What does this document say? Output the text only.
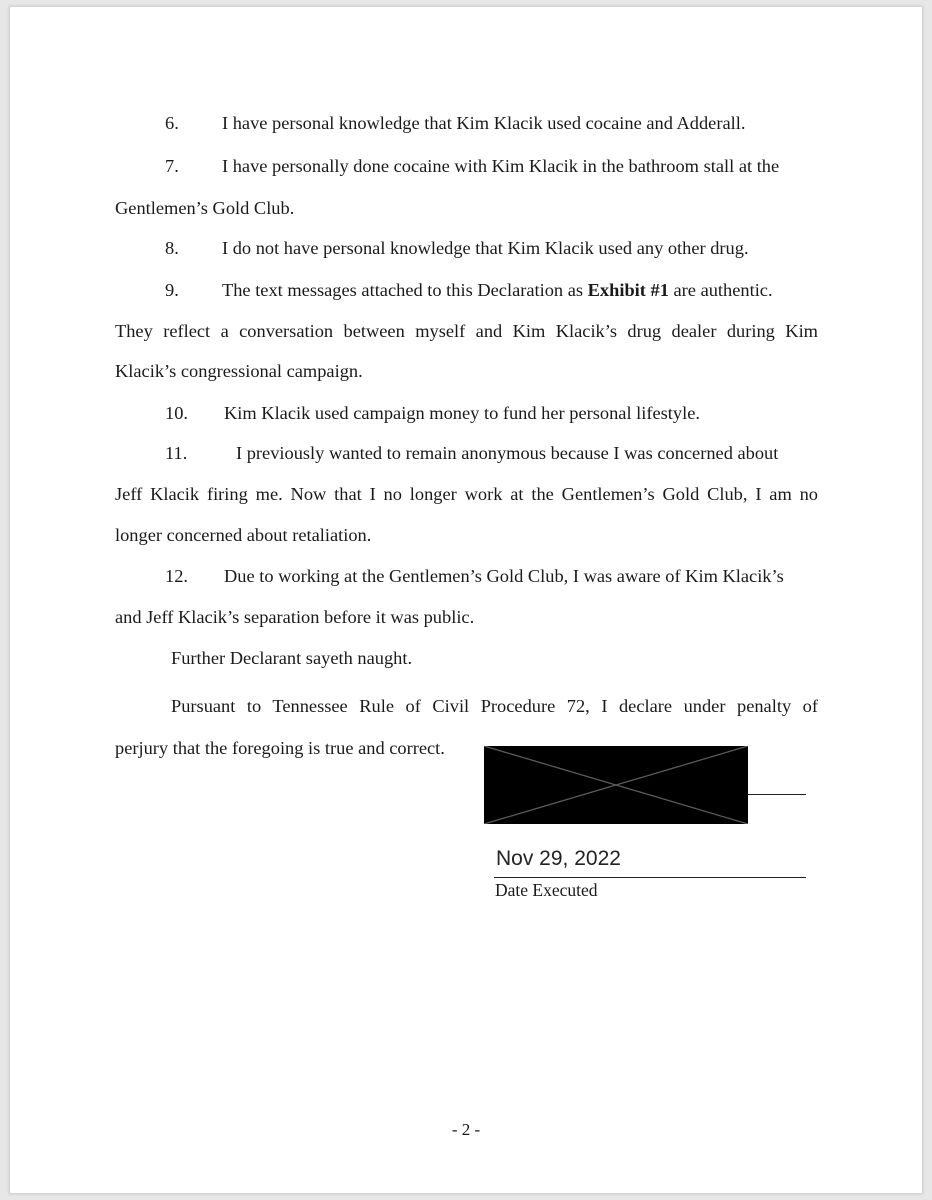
6. I have personal knowledge that Kim Klacik used cocaine and Adderall.
7. I have personally done cocaine with Kim Klacik in the bathroom stall at the
Gentlemen’s Gold Club.
8. I do not have personal knowledge that Kim Klacik used any other drug.
9. The text messages attached to this Declaration as Exhibit #1 are authentic.
They reflect a conversation between myself and Kim Klacik’s drug dealer during Kim
Klacik’s congressional campaign.
10. Kim Klacik used campaign money to fund her personal lifestyle.
11.	I previously wanted to remain anonymous because I was concerned about
Jeff Klacik firing me. Now that I no longer work at the Gentlemen’s Gold Club, I am no
longer concerned about retaliation.
12. Due to working at the Gentlemen’s Gold Club, I was aware of Kim Klacik’s
and Jeff Klacik’s separation before it was public.
Further Declarant sayeth naught.
Pursuant to Tennessee Rule of Civil Procedure 72, I declare under penalty of
perjury that the foregoing is true and correct.
Nov 29, 2022
Date Executed
- 2 -
